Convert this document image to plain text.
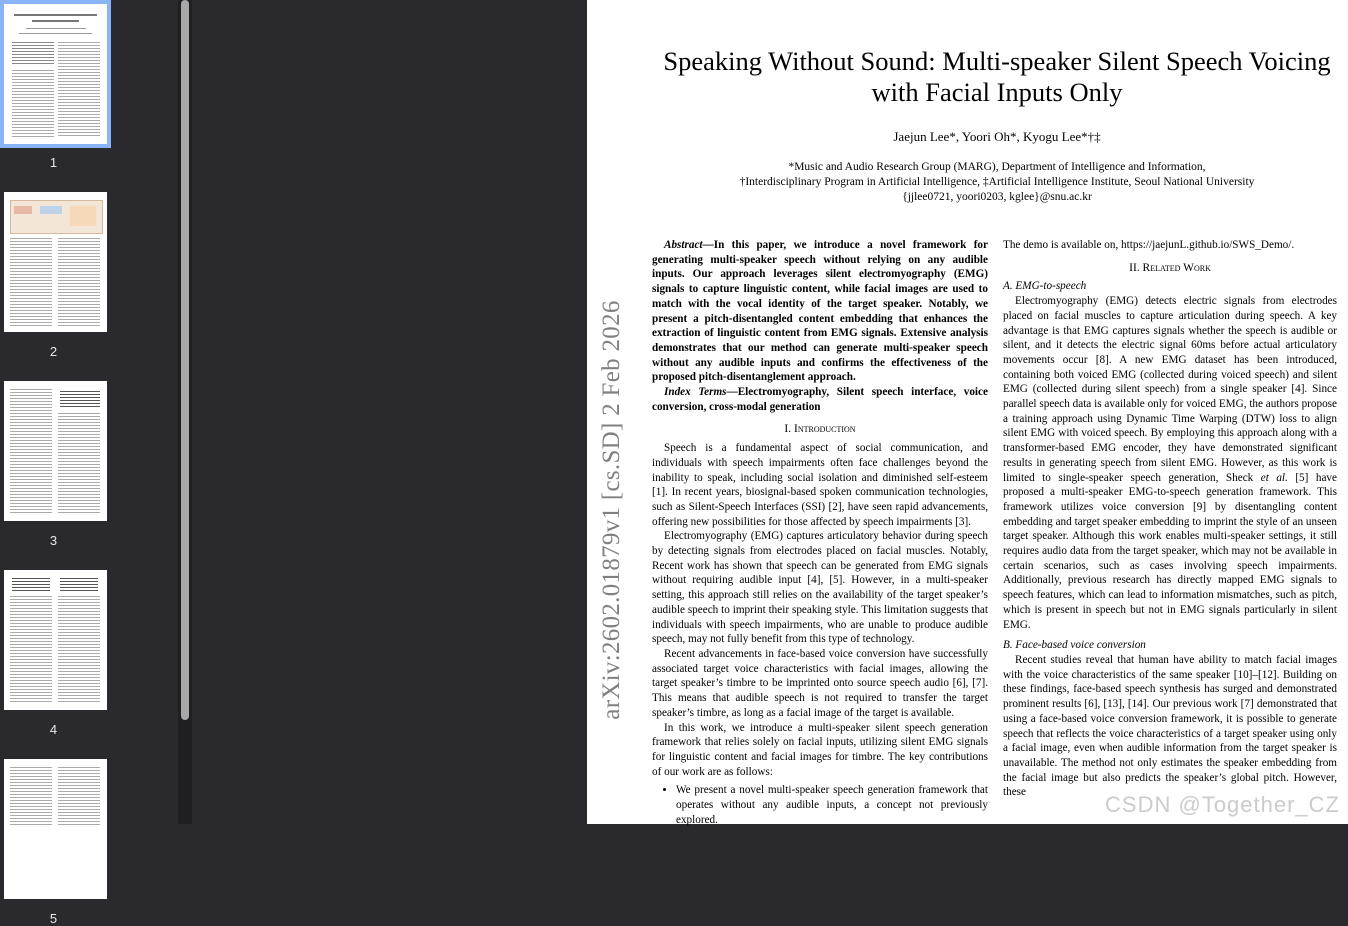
1
2
3
4
5
arXiv:2602.01879v1 [cs.SD] 2 Feb 2026
Speaking Without Sound: Multi-speaker Silent Speech Voicing with Facial Inputs Only
Jaejun Lee*, Yoori Oh*, Kyogu Lee*†‡
*Music and Audio Research Group (MARG), Department of Intelligence and Information,
†Interdisciplinary Program in Artificial Intelligence, ‡Artificial Intelligence Institute, Seoul National University
{jjlee0721, yoori0203, kglee}@snu.ac.kr

Abstract—In this paper, we introduce a novel framework for generating multi-speaker speech without relying on any audible inputs. Our approach leverages silent electromyography (EMG) signals to capture linguistic content, while facial images are used to match with the vocal identity of the target speaker. Notably, we present a pitch-disentangled content embedding that enhances the extraction of linguistic content from EMG signals. Extensive analysis demonstrates that our method can generate multi-speaker speech without any audible inputs and confirms the effectiveness of the proposed pitch-disentanglement approach.

Index Terms—Electromyography, Silent speech interface, voice conversion, cross-modal generation

I. Introduction

Speech is a fundamental aspect of social communication, and individuals with speech impairments often face challenges beyond the inability to speak, including social isolation and diminished self-esteem [1]. In recent years, biosignal-based spoken communication technologies, such as Silent-Speech Interfaces (SSI) [2], have seen rapid advancements, offering new possibilities for those affected by speech impairments [3].

Electromyography (EMG) captures articulatory behavior during speech by detecting signals from electrodes placed on facial muscles. Notably, Recent work has shown that speech can be generated from EMG signals without requiring audible input [4], [5]. However, in a multi-speaker setting, this approach still relies on the availability of the target speaker’s audible speech to imprint their speaking style. This limitation suggests that individuals with speech impairments, who are unable to produce audible speech, may not fully benefit from this type of technology.

Recent advancements in face-based voice conversion have successfully associated target voice characteristics with facial images, allowing the target speaker’s timbre to be imprinted onto source speech audio [6], [7]. This means that audible speech is not required to transfer the target speaker’s timbre, as long as a facial image of the target is available.

In this work, we introduce a multi-speaker silent speech generation framework that relies solely on facial inputs, utilizing silent EMG signals for linguistic content and facial images for timbre. The key contributions of our work are as follows:

• We present a novel multi-speaker speech generation framework that operates without any audible inputs, a concept not previously explored.

The demo is available on, https://jaejunL.github.io/SWS_Demo/.

II. Related Work

A. EMG-to-speech

Electromyography (EMG) detects electric signals from electrodes placed on facial muscles to capture articulation during speech. A key advantage is that EMG captures signals whether the speech is audible or silent, and it detects the electric signal 60ms before actual articulatory movements occur [8]. A new EMG dataset has been introduced, containing both voiced EMG (collected during voiced speech) and silent EMG (collected during silent speech) from a single speaker [4]. Since parallel speech data is available only for voiced EMG, the authors propose a training approach using Dynamic Time Warping (DTW) loss to align silent EMG with voiced speech. By employing this approach along with a transformer-based EMG encoder, they have demonstrated significant results in generating speech from silent EMG. However, as this work is limited to single-speaker speech generation, Sheck et al. [5] have proposed a multi-speaker EMG-to-speech generation framework. This framework utilizes voice conversion [9] by disentangling content embedding and target speaker embedding to imprint the style of an unseen target speaker. Although this work enables multi-speaker settings, it still requires audio data from the target speaker, which may not be available in certain scenarios, such as cases involving speech impairments. Additionally, previous research has directly mapped EMG signals to speech features, which can lead to information mismatches, such as pitch, which is present in speech but not in EMG signals particularly in silent EMG.

B. Face-based voice conversion

Recent studies reveal that human have ability to match facial images with the voice characteristics of the same speaker [10]–[12]. Building on these findings, face-based speech synthesis has surged and demonstrated prominent results [6], [13], [14]. Our previous work [7] demonstrated that using a face-based voice conversion framework, it is possible to generate speech that reflects the voice characteristics of a target speaker using only a facial image, even when audible information from the target speaker is unavailable. The method not only estimates the speaker embedding from the facial image but also predicts the speaker’s global pitch. However, these	CSDN @Together_CZ
